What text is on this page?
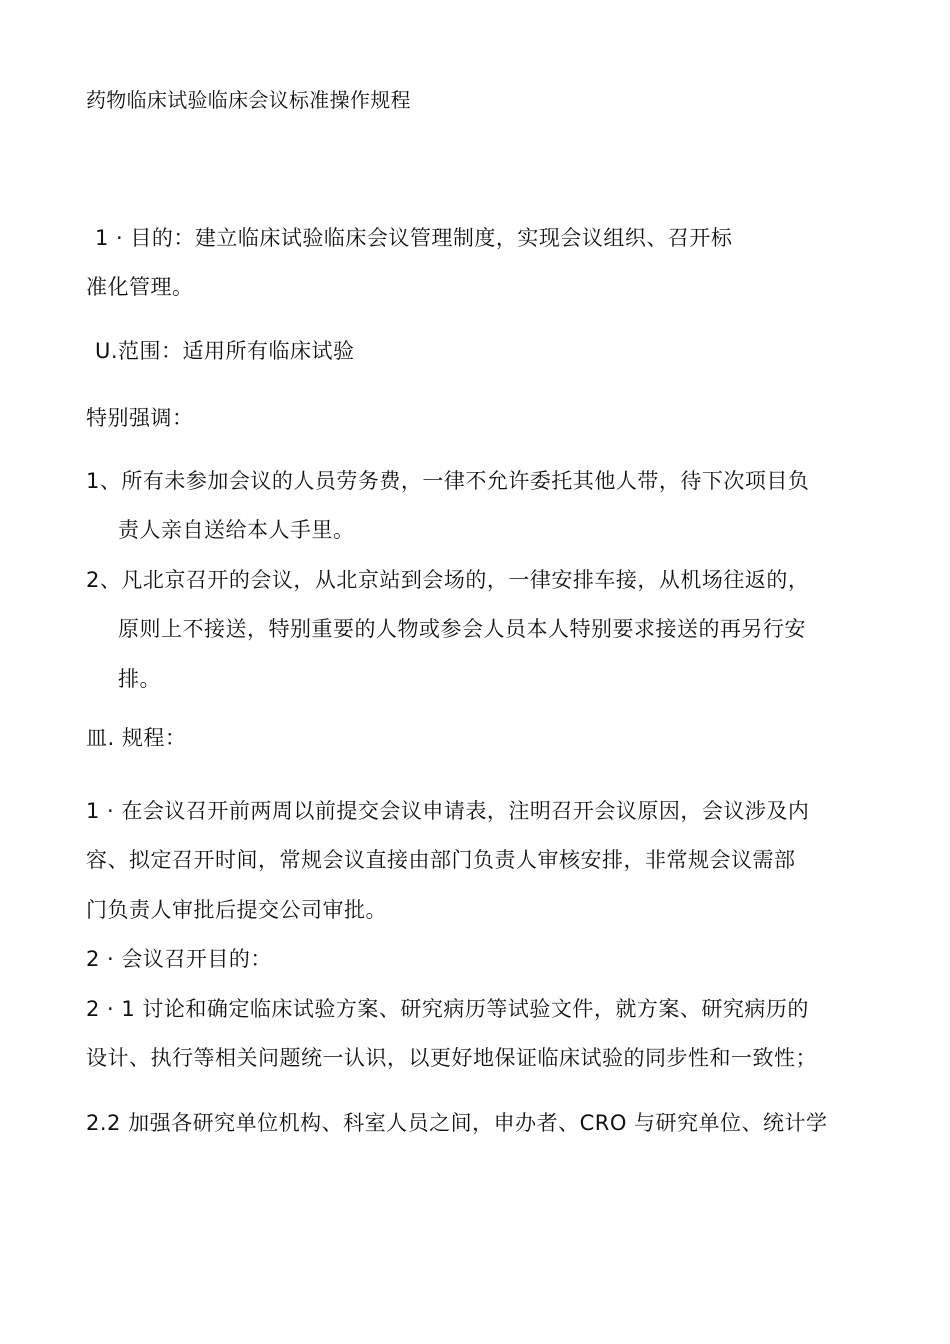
药物临床试验临床会议标准操作规程
1 · 目的：建立临床试验临床会议管理制度，实现会议组织、召开标
准化管理。
U.范围：适用所有临床试验
特别强调：
1、所有未参加会议的人员劳务费，一律不允许委托其他人带，待下次项目负
责人亲自送给本人手里。
2、凡北京召开的会议，从北京站到会场的，一律安排车接，从机场往返的，
原则上不接送，特别重要的人物或参会人员本人特别要求接送的再另行安
排。
皿. 规程：
1 · 在会议召开前两周以前提交会议申请表，注明召开会议原因，会议涉及内
容、拟定召开时间，常规会议直接由部门负责人审核安排，非常规会议需部
门负责人审批后提交公司审批。
2 · 会议召开目的：
2 · 1 讨论和确定临床试验方案、研究病历等试验文件，就方案、研究病历的
设计、执行等相关问题统一认识，以更好地保证临床试验的同步性和一致性；
2.2 加强各研究单位机构、科室人员之间，申办者、CRO 与研究单位、统计学
